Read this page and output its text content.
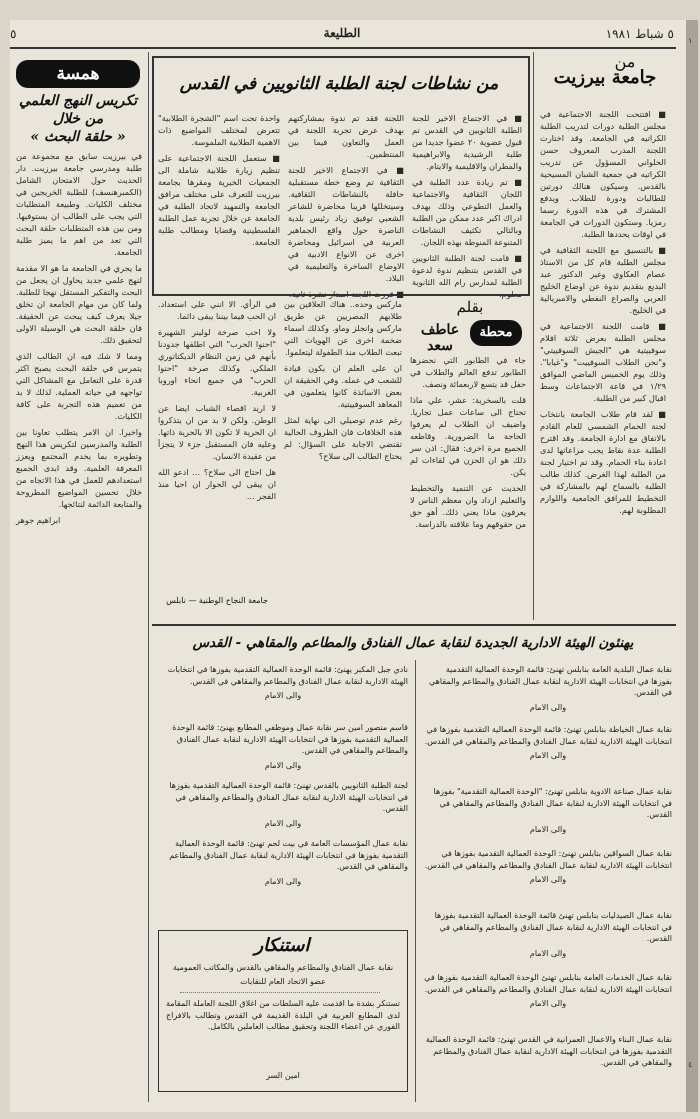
١
٤
٥	الطليعة	٥ شباط ١٩٨١
من
جامعة بيرزيت

■ افتتحت اللجنة الاجتماعية في مجلس الطلبة دورات لتدريب الطلبة الكراتيه في الجامعة. وقد اختارت اللجنة المدرب المعروف حسن الحلواني المسؤول عن تدريب الكراتيه في جمعية الشبان المسيحية بالقدس. وسيكون هنالك دورتين للطالبات ودورة للطلاب. ويدفع المشترك في هذه الدورة رسما رمزيا. وستكون الدورات في الجامعة في اوقات يحددها الطلبة.

■ بالتنسيق مع اللجنة الثقافية في مجلس الطلبة قام كل من الاستاذ عصام العكاوي وغير الدكتور عبد البديع بتقديم ندوة عن اوضاع الخليج العربي والصراع النفطي والامبريالية في الخليج.

■ قامت اللجنة الاجتماعية في مجلس الطلبة بعرض ثلاثة افلام سوفييتية هي "الجيش السوفييتي" و"نحن الطلاب السوفييت" و"غيابا". وذلك يوم الخميس الماضي الموافق ١/٢٩ في قاعة الاجتماعات وسط اقبال كبير من الطلبة.

■ لقد قام طلاب الجامعة بانتخاب لجنة الحمام الشمسي للعام القادم بالاتفاق مع ادارة الجامعة. وقد اقترح الطلبة عدة نقاط يجب مراعاتها لدى اعادة بناء الحمام. وقد تم اختيار لجنة من الطلبة لهذا الغرض. كذلك طالب الطلبة بالسماح لهم بالمشاركة في التخطيط للمرافق الجامعية واللوازم المطلوبة لهم.

من نشاطات لجنة الطلبة الثانويين في القدس

■ في الاجتماع الاخير للجنة الطلبة الثانويين في القدس تم قبول عضوية ٢٠ عضوا جديدا من طلبة الرشيدية والابراهيمية والمطران والاقليمية والايتام.

■ تم زيادة عدد الطلبة في اللجان الثقافية والاجتماعية والعمل التطوعي وذلك بهدف ادراك اكبر عدد ممكن من الطلبة وبالتالي تكثيف النشاطات المتنوعة المنوطة بهذه اللجان.

■ قامت لجنة الطلبة الثانويين في القدس بتنظيم ندوة لدعوة الطلبة لمدارس رام الله الثانوية معلوم.

اللجنة فقد تم ندوة بمشاركتهم بهدف عرض تجربة اللجنة في العمل والتعاون فيما بين المنتظمين.

■ في الاجتماع الاخير للجنة الثقافية تم وضع خطة مستقبلية حافلة بالنشاطات الثقافية. وسيتخللها قريبا محاضرة للشاعر الشعبي توفيق زياد رئيس بلدية الناصرة حول واقع الجماهير العربية في اسرائيل ومحاضرة اخرى عن الانواع الادبية في الاوضاع الساخرة والتعليمية في البلاد.

■ قررت اللجنة اصدار نشرة ثانية.

واحدة تحت اسم "الشجرة الطلابية" تتعرض لمختلف المواضيع ذات الاهمية الطلابية الملموسة.

■ ستعمل اللجنة الاجتماعية على تنظيم زيارة طلابية شاملة الى الجمعيات الخيرية ومقرها بجامعة بيرزيت للتعرف على مختلف مرافق الجامعة والتمهيد لاتحاد الطلبة في الجامعة عن خلال تجربة عمل الطلبة الفلسطينية وقضايا ومطالب طلبة الجامعة.

بقلم
محطة
عاطف سعد

جاء في الطابور التي نحضرها الطابور تدفع العالم والطلاب في حفل قد يتسع لاربعمائة ونصف.

قلت بالسخرية: عشر، علي ماذا تحتاج الى ساعات عمل تجاريا. واضيف ان الطلاب لم يعرفوا الحاجة ما الضرورية. وقاطعه الجميع مرة اخرى: فقال: اذن سر ذلك هو ان الحزن في لقاءات لم يكن.

الحديث عن التنمية والتخطيط والتعليم ازداد وان معظم الناس لا يعرفون ماذا يعني ذلك. أهو حق من حقوقهم وما علاقته بالدراسة.

ماركس وحده.. هناك العلاقين بين طلابهم المصريين عن طريق ماركس وانجلز وماو. وكذلك اسماء ضخمة اخرى عن الهويات التي تبعث الطلاب منذ الطفولة ليتعلموا.

ان على العلم ان يكون قيادة للشعب في عمله. وفي الحقيقة ان بعض الاساتذة كانوا يتعلمون في المعاهد السوفييتية.

رغم عدم توصيلي الى نهاية لمثل هذه الخلافات فان الظروف الحالية تقتضي الاجابة على السؤال: لم يحتاج الطالب الى سلاح؟

في الرأي. الا انني على استعداد. ان الحب فيما بيننا يبقى دائما.

ولا احب صرخة لولينر الشهيرة "احنوا الحرب" التي اطلقها جدودنا بأنهم في زمن النظام الديكتاتوري الملكي. وكذلك صرخة "احنوا الحرب" في جميع انحاء اوروبا الغربية.

لا اريد اقصاء الشباب ايضا عن الوطن. ولكن لا بد من ان يتذكروا ان الحرية لا تكون الا بالحرية ذاتها. وعليه فان المستقبل جزء لا يتجزأ من عقيدة الانسان.

هل احتاج الى سلاح؟ ... ادعو الله ان يبقى لي الحوار ان احيا منذ الفجر ...

جامعة النجاح الوطنية — نابلس
همسة
تكريس النهج العلمي
من خلال
« حلقة البحث »

في بيرزيت سابق مع مجموعة من طلبة ومدرسي جامعة بيرزيت. دار الحديث حول الامتحان الشامل (الكمبرهنسف) للطلبة الخريجين في مختلف الكليات. وطبيعة المتطلبات التي يجب على الطالب ان يستوفيها. ومن بين هذه المتطلبات حلقة البحث التي تعد من اهم ما يميز طلبة الجامعة.

ما يجري في الجامعة ما هو الا مقدمة لنهج علمي جديد يحاول ان يجعل من البحث والتفكير المستقل نهجا للطلبة. ولما كان من مهام الجامعة ان تخلق جيلا يعرف كيف يبحث عن الحقيقة. فان حلقة البحث هي الوسيلة الاولى لتحقيق ذلك.

ومما لا شك فيه ان الطالب الذي يتمرس في حلقة البحث يصبح اكثر قدرة على التعامل مع المشاكل التي تواجهه في حياته العملية. لذلك لا بد من تعميم هذه التجربة على كافة الكليات.

واخيرا. ان الامر يتطلب تعاونا بين الطلبة والمدرسين لتكريس هذا النهج وتطويره بما يخدم المجتمع ويعزز المعرفة العلمية. وقد ابدى الجميع استعدادهم للعمل في هذا الاتجاه من خلال تحسين المواضيع المطروحة والمتابعة الدائمة لنتائجها.

ابراهيم جوهر

يهنئون الهيئة الادارية الجديدة لنقابة عمال الفنادق والمطاعم والمقاهي - القدس
نقابة عمال البلدية العامة بنابلس تهنئ: قائمة الوحدة العمالية التقدمية بفوزها في انتخابات الهيئة الادارية لنقابة عمال الفنادق والمطاعم والمقاهي في القدس.
والى الامام
نقابة عمال الخياطة بنابلس تهنئ: قائمة الوحدة العمالية التقدمية بفوزها في انتخابات الهيئة الادارية لنقابة عمال الفنادق والمطاعم والمقاهي في القدس.
والى الامام
نقابة عمال صناعة الادوية بنابلس تهنئ: "الوحدة العمالية التقدمية" بفوزها في انتخابات الهيئة الادارية لنقابة عمال الفنادق والمطاعم والمقاهي في القدس.
والى الامام
نقابة عمال السواقين بنابلس تهنئ: الوحدة العمالية التقدمية بفوزها في انتخابات الهيئة الادارية لنقابة عمال الفنادق والمطاعم والمقاهي في القدس.
والى الامام
نقابة عمال الصيدليات بنابلس تهنئ قائمة الوحدة العمالية التقدمية بفوزها في انتخابات الهيئة الادارية لنقابة عمال الفنادق والمطاعم والمقاهي في القدس.
والى الامام
نقابة عمال الخدمات العامة بنابلس تهنئ الوحدة العمالية التقدمية بفوزها في انتخابات الهيئة الادارية لنقابة عمال الفنادق والمطاعم والمقاهي في القدس.
والى الامام
نقابة عمال البناء والاعمال العمرانية في القدس تهنئ: قائمة الوحدة العمالية التقدمية بفوزها في انتخابات الهيئة الادارية لنقابة عمال الفنادق والمطاعم والمقاهي في القدس.
نادي جبل المكبر يهنئ: قائمة الوحدة العمالية التقدمية بفوزها في انتخابات الهيئة الادارية لنقابة عمال الفنادق والمطاعم والمقاهي في القدس.
والى الامام
قاسم منصور امين سر نقابة عمال وموظفي المطابع يهنئ: قائمة الوحدة العمالية التقدمية بفوزها في انتخابات الهيئة الادارية لنقابة عمال الفنادق والمطاعم والمقاهي في القدس.
والى الامام
لجنة الطلبة الثانويين بالقدس تهنئ: قائمة الوحدة العمالية التقدمية بفوزها في انتخابات الهيئة الادارية لنقابة عمال الفنادق والمطاعم والمقاهي في القدس.
والى الامام
نقابة عمال المؤسسات العامة في بيت لحم تهنئ: قائمة الوحدة العمالية التقدمية بفوزها في انتخابات الهيئة الادارية لنقابة عمال الفنادق والمطاعم والمقاهي في القدس.
والى الامام
استنكار
نقابة عمال الفنادق والمطاعم والمقاهي بالقدس والمكاتب العمومية
عضو الاتحاد العام للنقابات
تستنكر بشدة ما اقدمت عليه السلطات من اغلاق اللجنة العاملة المقامة لدى المطابع العربية في البلدة القديمة في القدس وتطالب بالافراج الفوري عن اعضاء اللجنة وتحقيق مطالب العاملين بالكامل.
امين السر
